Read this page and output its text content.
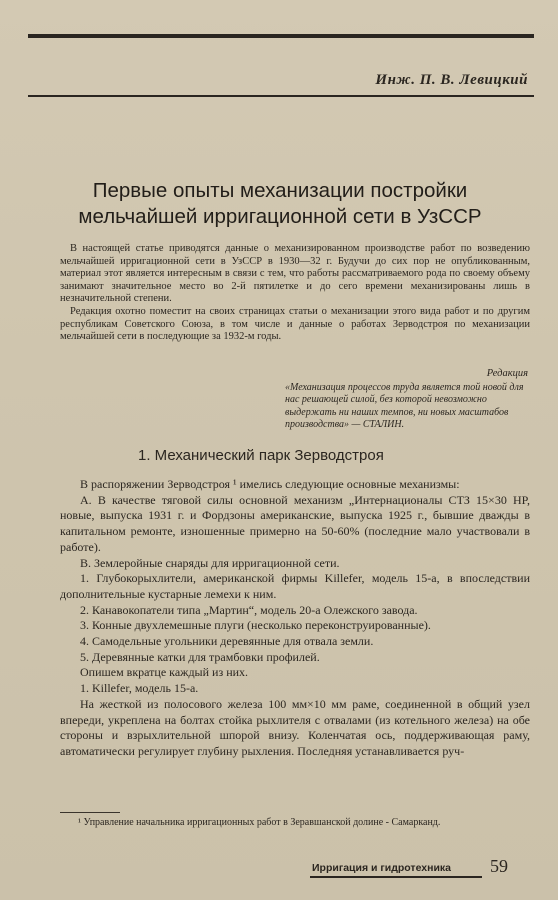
Инж. П. В. Левицкий
Первые опыты механизации постройки
мельчайшей ирригационной сети в УзССР

В настоящей статье приводятся данные о механизированном производстве работ по возведению мельчайшей ирригационной сети в УзССР в 1930—32 г. Будучи до сих пор не опубликованным, материал этот является интересным в связи с тем, что работы рассматриваемого рода по своему объему занимают значительное место во 2-й пятилетке и до сего времени механизированы лишь в незначительной степени.

Редакция охотно поместит на своих страницах статьи о механизации этого вида работ и по другим республикам Советского Союза, в том числе и данные о работах Зерводстроя по механизации мельчайшей сети в последующие за 1932-м годы.

Редакция
«Механизация процессов труда является той новой для нас решающей силой, без которой невозможно выдержать ни наших темпов, ни новых масштабов производства» — СТАЛИН.
1. Механический парк Зерводстроя

В распоряжении Зерводстроя ¹ имелись следующие основные механизмы:

А. В качестве тяговой силы основной механизм „Интернационалы СТЗ 15×30 HP, новые, выпуска 1931 г. и Фордзоны американские, выпуска 1925 г., бывшие дважды в капитальном ремонте, изношенные примерно на 50-60% (последние мало участвовали в работе).

В. Землеройные снаряды для ирригационной сети.

1. Глубокорыхлители, американской фирмы Killefer, модель 15-а, в впоследствии дополнительные кустарные лемехи к ним.

2. Канавокопатели типа „Мартин“, модель 20-а Олежского завода.

3. Конные двухлемешные плуги (несколько переконструированные).

4. Самодельные угольники деревянные для отвала земли.

5. Деревянные катки для трамбовки профилей.

Опишем вкратце каждый из них.

1. Killefer, модель 15-а.

На жесткой из полосового железа 100 мм×10 мм раме, соединенной в общий узел впереди, укреплена на болтах стойка рыхлителя с отвалами (из котельного железа) на обе стороны и взрыхлительной шпорой внизу. Коленчатая ось, поддерживающая раму, автоматически регулирует глубину рыхления. Последняя устанавливается руч-

¹ Управление начальника ирригационных работ в Зеравшанской долине - Самарканд.

Ирригация и гидротехника 59
